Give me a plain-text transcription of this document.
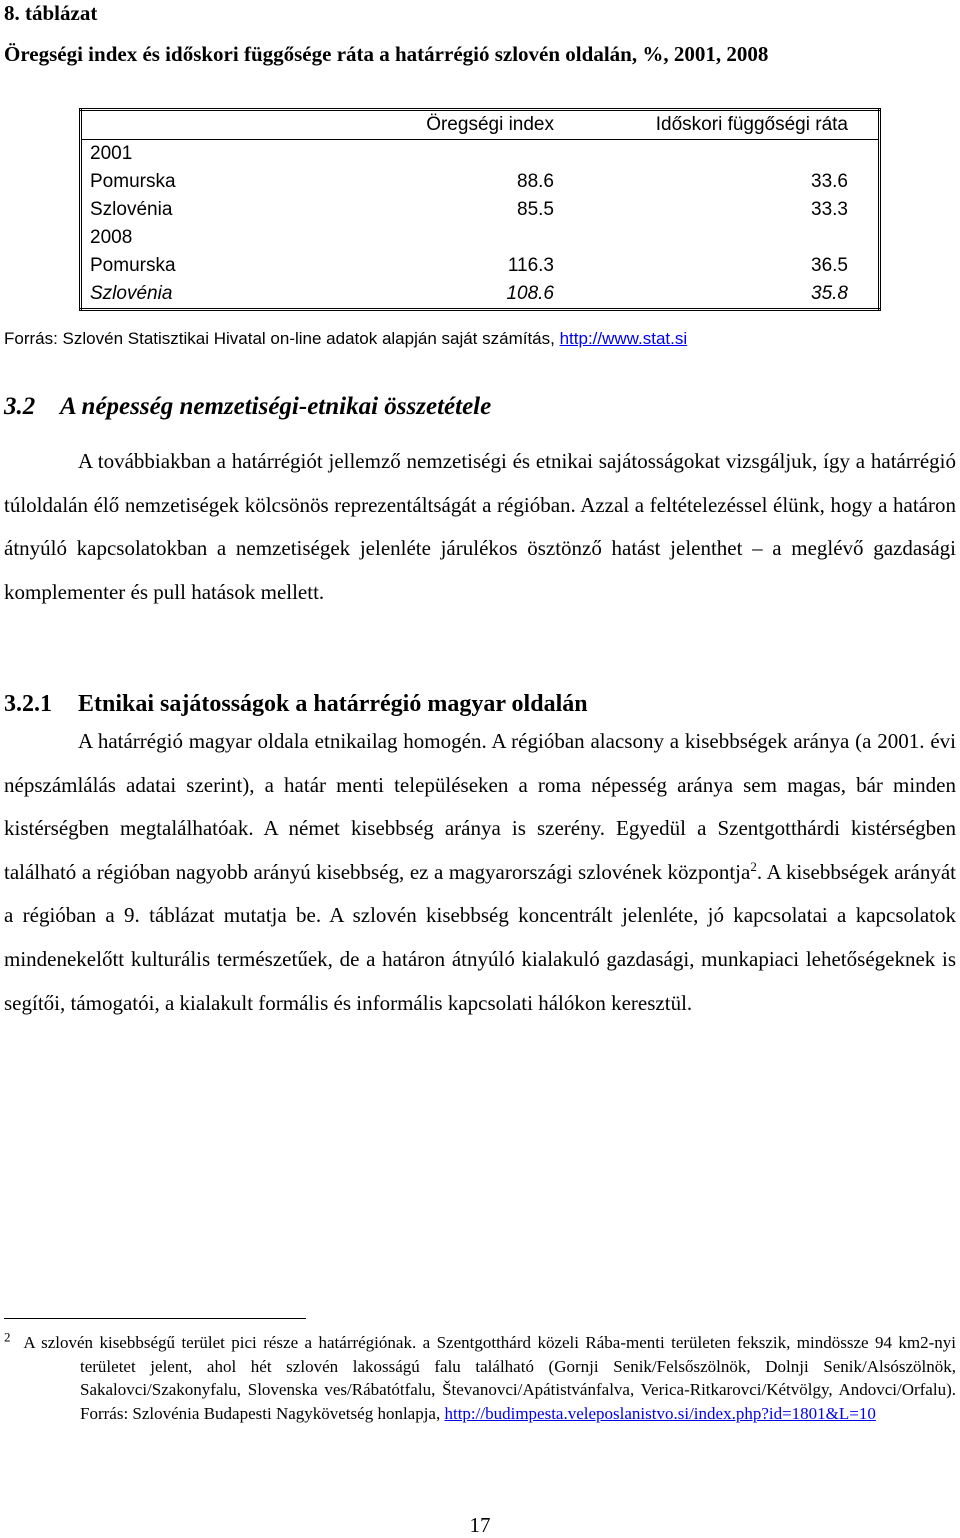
8. táblázat
Öregségi index és időskori függősége ráta a határrégió szlovén oldalán, %, 2001, 2008
	Öregségi index	Időskori függőségi ráta
2001		
Pomurska	88.6	33.6
Szlovénia	85.5	33.3
2008		
Pomurska	116.3	36.5
Szlovénia	108.6	35.8
Forrás: Szlovén Statisztikai Hivatal on-line adatok alapján saját számítás, http://www.stat.si
3.2 A népesség nemzetiségi-etnikai összetétele
A továbbiakban a határrégiót jellemző nemzetiségi és etnikai sajátosságokat vizsgáljuk, így a határrégió túloldalán élő nemzetiségek kölcsönös reprezentáltságát a régióban. Azzal a feltételezéssel élünk, hogy a határon átnyúló kapcsolatokban a nemzetiségek jelenléte járulékos ösztönző hatást jelenthet – a meglévő gazdasági komplementer és pull hatások mellett.
3.2.1 Etnikai sajátosságok a határrégió magyar oldalán
A határrégió magyar oldala etnikailag homogén. A régióban alacsony a kisebbségek aránya (a 2001. évi népszámlálás adatai szerint), a határ menti településeken a roma népesség aránya sem magas, bár minden kistérségben megtalálhatóak. A német kisebbség aránya is szerény. Egyedül a Szentgotthárdi kistérségben található a régióban nagyobb arányú kisebbség, ez a magyarországi szlovének központja$^2$. A kisebbségek arányát a régióban a 9. táblázat mutatja be. A szlovén kisebbség koncentrált jelenléte, jó kapcsolatai a kapcsolatok mindenekelőtt kulturális természetűek, de a határon átnyúló kialakuló gazdasági, munkapiaci lehetőségeknek is segítői, támogatói, a kialakult formális és informális kapcsolati hálókon keresztül.
$^2$ A szlovén kisebbségű terület pici része a határrégiónak. a Szentgotthárd közeli Rába-menti területen fekszik, mindössze 94 km2-nyi területet jelent, ahol hét szlovén lakosságú falu található (Gornji Senik/Felsőszölnök, Dolnji Senik/Alsószölnök, Sakalovci/Szakonyfalu, Slovenska ves/Rábatótfalu, Števanovci/Apátistvánfalva, Verica-Ritkarovci/Kétvölgy, Andovci/Orfalu). Forrás: Szlovénia Budapesti Nagykövetség honlapja, http://budimpesta.veleposlanistvo.si/index.php?id=1801&L=10
17
